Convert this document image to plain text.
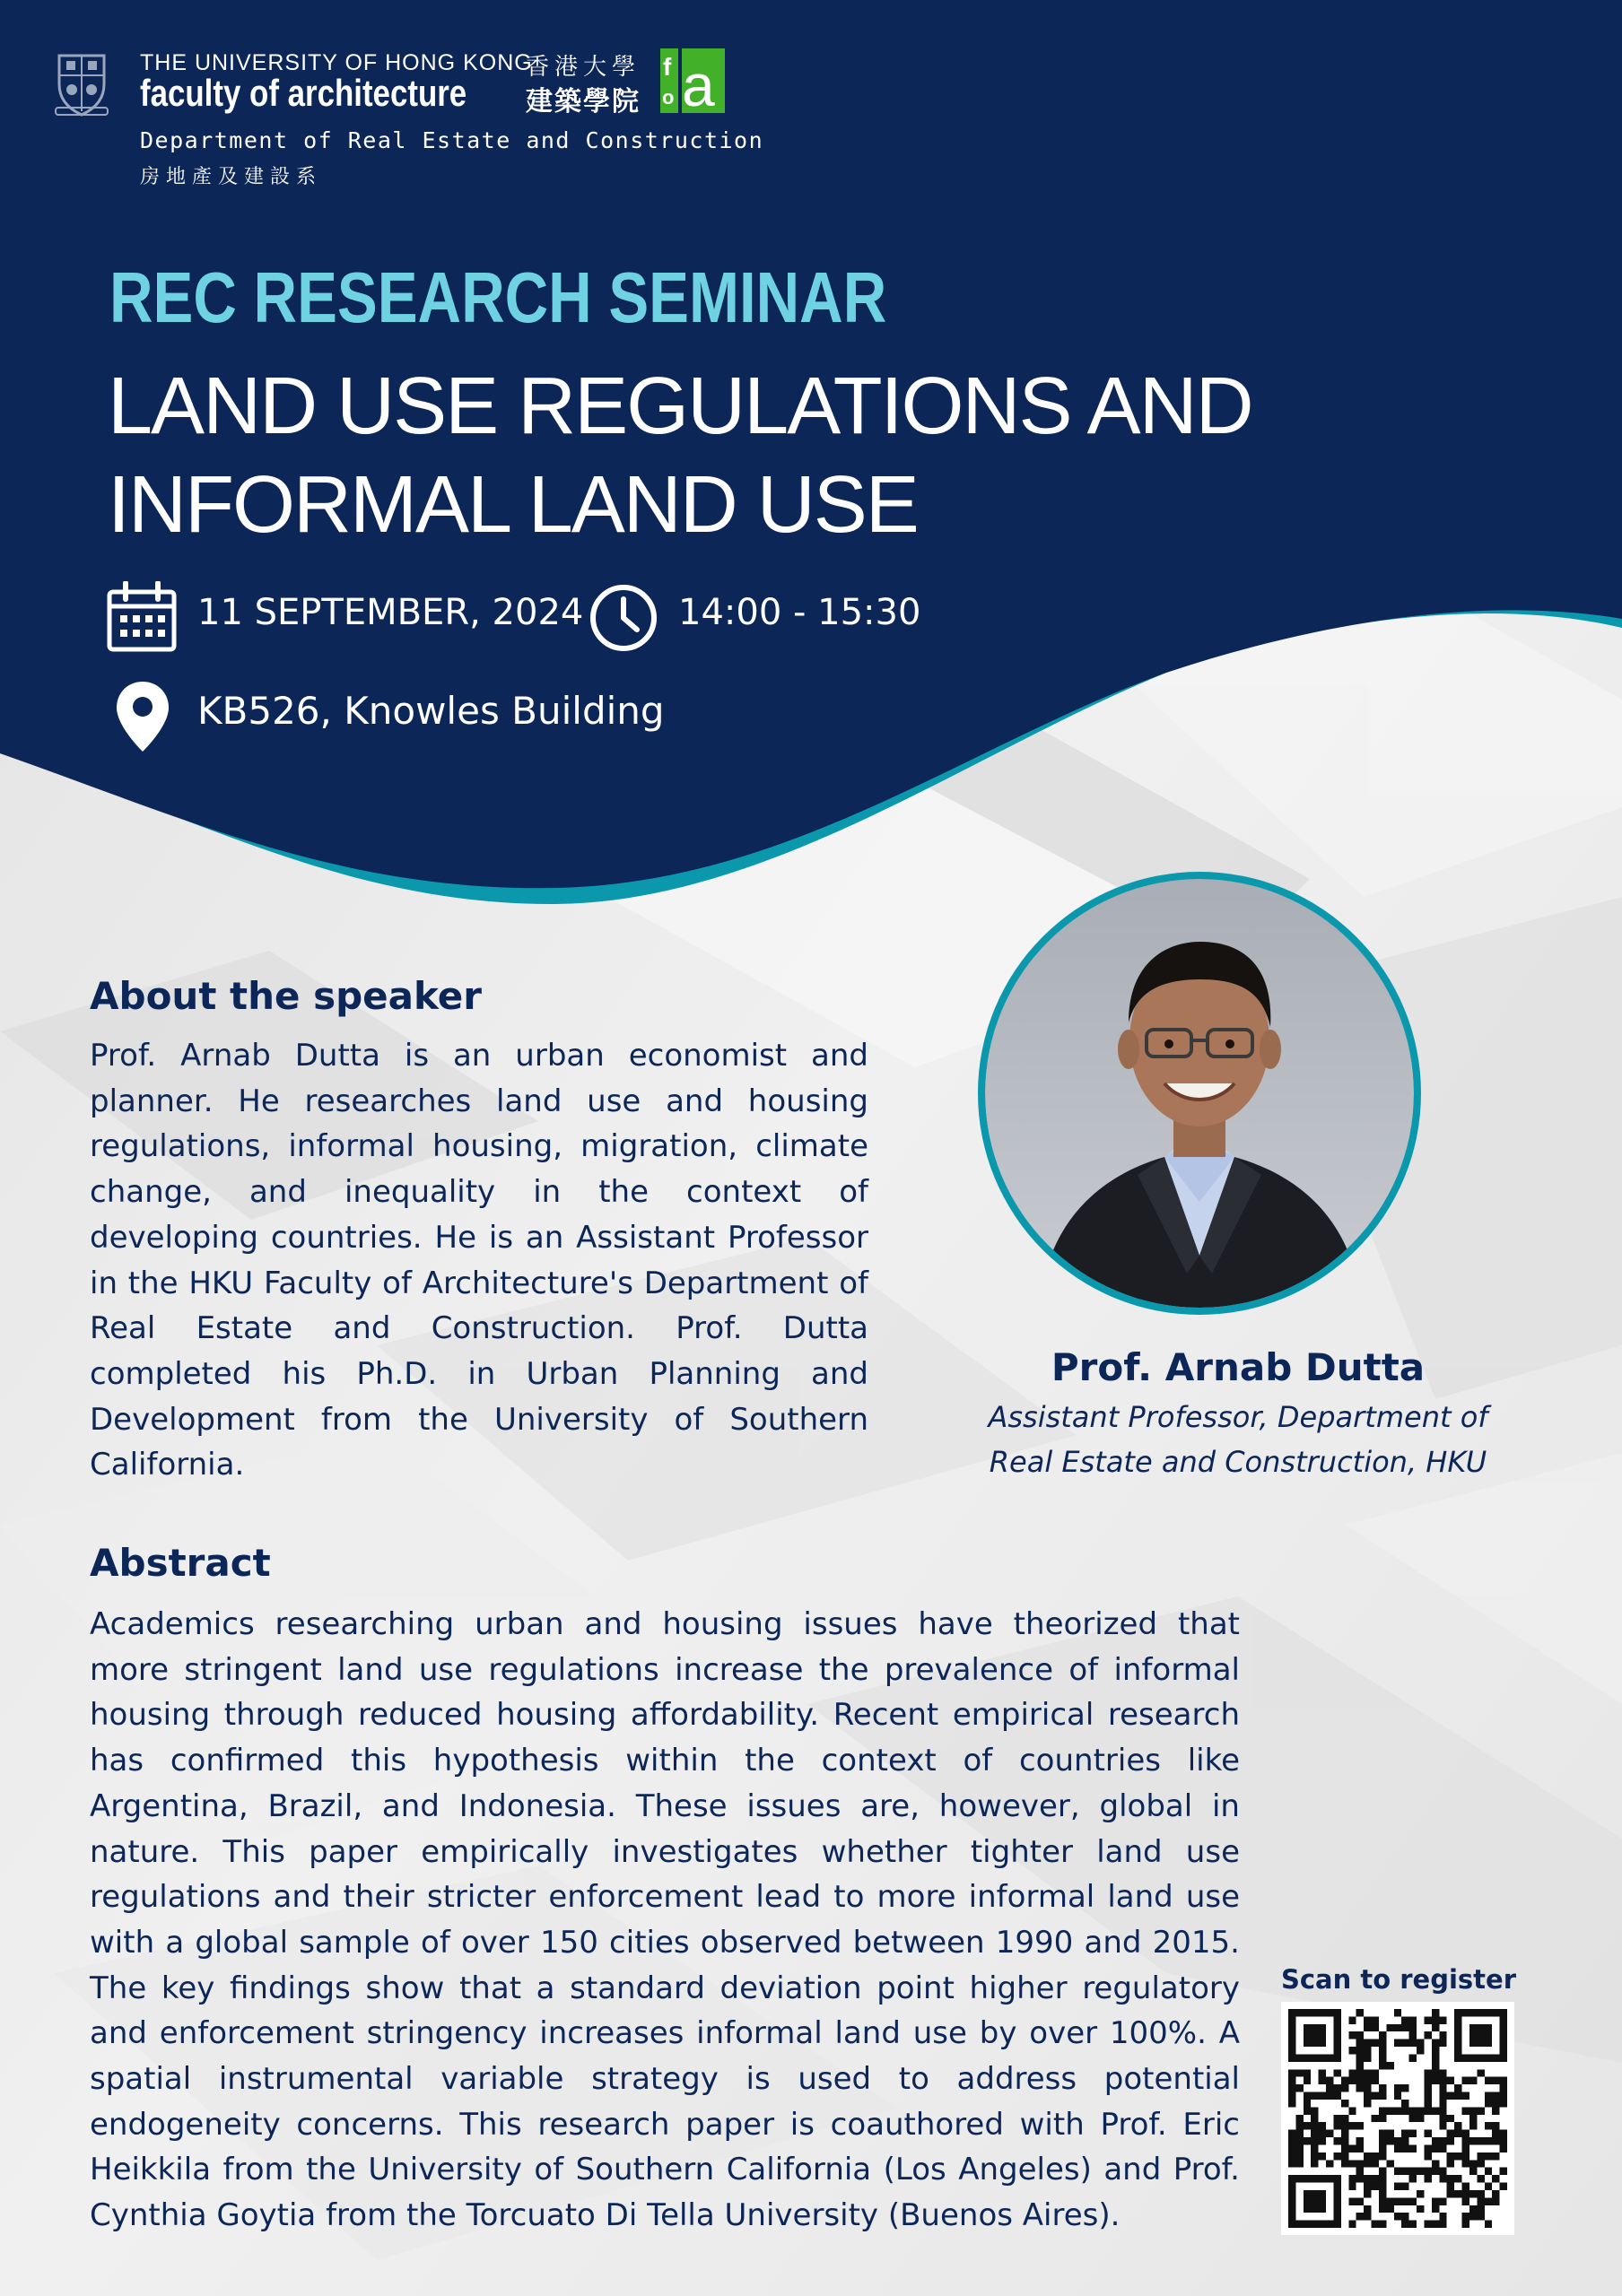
THE UNIVERSITY OF HONG KONG
香港大學
faculty of architecture 建築學院
f
o a
Department of Real Estate and Construction
房地產及建設系
REC RESEARCH SEMINAR
LAND USE REGULATIONS AND
INFORMAL LAND USE
11 SEPTEMBER, 2024	14:00 - 15:30
KB526, Knowles Building
About the speaker

Prof. Arnab Dutta is an urban economist and planner. He researches land use and housing regulations, informal housing, migration, climate change, and inequality in the context of developing countries. He is an Assistant Professor in the HKU Faculty of Architecture's Department of Real Estate and Construction. Prof. Dutta completed his Ph.D. in Urban Planning and Development from the University of Southern California.

Prof. Arnab Dutta
Assistant Professor, Department of
Real Estate and Construction, HKU
Abstract

Academics researching urban and housing issues have theorized that more stringent land use regulations increase the prevalence of informal housing through reduced housing affordability. Recent empirical research has confirmed this hypothesis within the context of countries like Argentina, Brazil, and Indonesia. These issues are, however, global in nature. This paper empirically investigates whether tighter land use regulations and their stricter enforcement lead to more informal land use with a global sample of over 150 cities observed between 1990 and 2015. The key findings show that a standard deviation point higher regulatory and enforcement stringency increases informal land use by over 100%. A spatial instrumental variable strategy is used to address potential endogeneity concerns. This research paper is coauthored with Prof. Eric Heikkila from the University of Southern California (Los Angeles) and Prof. Cynthia Goytia from the Torcuato Di Tella University (Buenos Aires).

Scan to register
